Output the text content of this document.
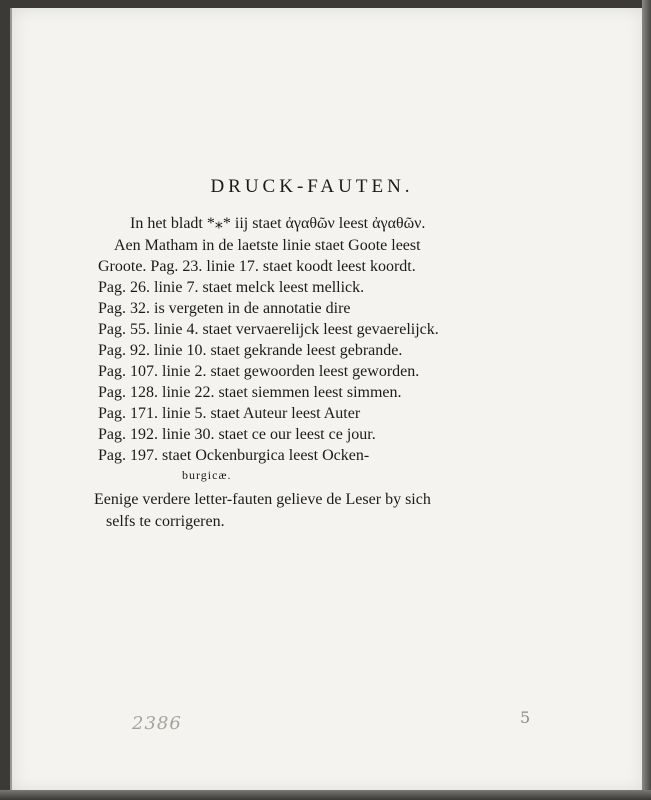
DRUCK-FAUTEN.
In het bladt *⁎* iij staet ἀγαθῶν leest ἀγαθῶν.
Aen Matham in de laetste linie staet Goote leest
Groote. Pag. 23. linie 17. staet koodt leest koordt.
Pag. 26. linie 7. staet melck leest mellick.
Pag. 32. is vergeten in de annotatie dire
Pag. 55. linie 4. staet vervaerelijck leest gevaerelijck.
Pag. 92. linie 10. staet gekrande leest gebrande.
Pag. 107. linie 2. staet gewoorden leest geworden.
Pag. 128. linie 22. staet siemmen leest simmen.
Pag. 171. linie 5. staet Auteur leest Auter
Pag. 192. linie 30. staet ce our leest ce jour.
Pag. 197. staet Ockenburgica leest Ocken-
burgicæ.
Eenige verdere letter-fauten gelieve de Leser by sich
selfs te corrigeren.
2386	5
